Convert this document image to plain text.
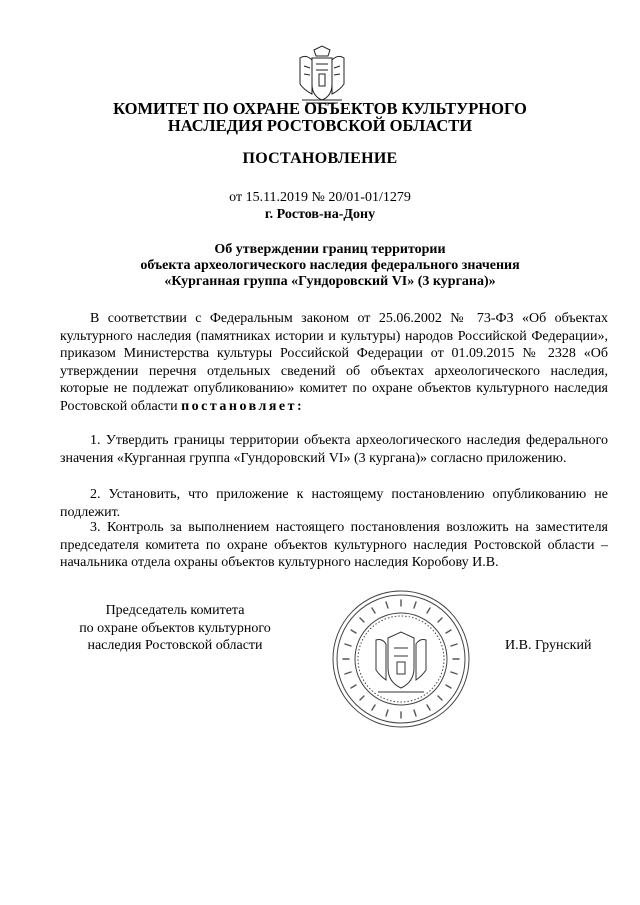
КОМИТЕТ ПО ОХРАНЕ ОБЪЕКТОВ КУЛЬТУРНОГО
НАСЛЕДИЯ РОСТОВСКОЙ ОБЛАСТИ
ПОСТАНОВЛЕНИЕ
от 15.11.2019 № 20/01-01/1279
г. Ростов-на-Дону
Об утверждении границ территории
объекта археологического наследия федерального значения
«Курганная группа «Гундоровский VI» (3 кургана)»
В соответствии с Федеральным законом от 25.06.2002 № 73-ФЗ «Об объектах культурного наследия (памятниках истории и культуры) народов Российской Федерации», приказом Министерства культуры Российской Федерации от 01.09.2015 № 2328 «Об утверждении перечня отдельных сведений об объектах археологического наследия, которые не подлежат опубликованию» комитет по охране объектов культурного наследия Ростовской области постановляет:
1. Утвердить границы территории объекта археологического наследия федерального значения «Курганная группа «Гундоровский VI» (3 кургана)» согласно приложению.
2. Установить, что приложение к настоящему постановлению опубликованию не подлежит.
3. Контроль за выполнением настоящего постановления возложить на заместителя председателя комитета по охране объектов культурного наследия Ростовской области – начальника отдела охраны объектов культурного наследия Коробову И.В.
Председатель комитета
по охране объектов культурного
наследия Ростовской области	И.В. Грунский
